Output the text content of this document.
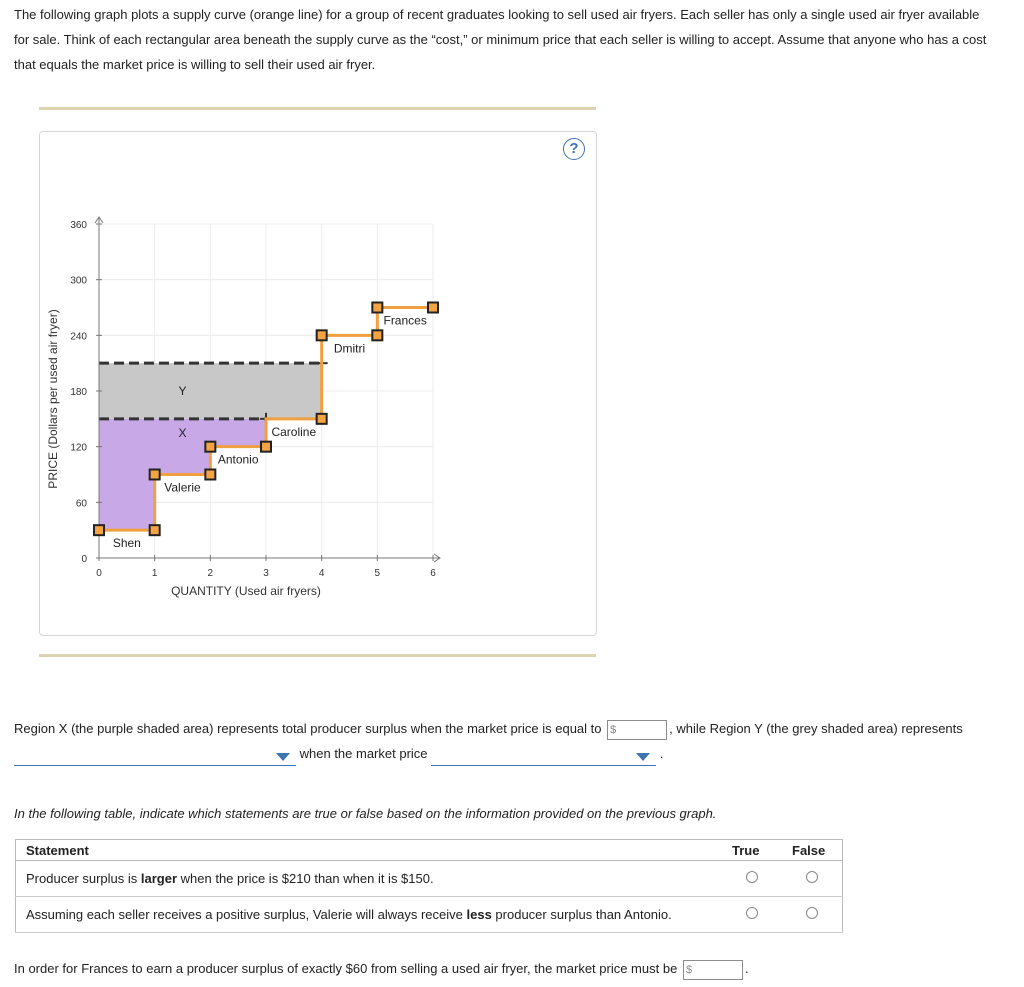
The following graph plots a supply curve (orange line) for a group of recent graduates looking to sell used air fryers. Each seller has only a single used air fryer available for sale. Think of each rectangular area beneath the supply curve as the “cost,” or minimum price that each seller is willing to accept. Assume that anyone who has a cost that equals the market price is willing to sell their used air fryer.
?
0	1	2	3	4	5	6
0
60
120
180
240
300
360
QUANTITY (Used air fryers)
PRICE (Dollars per used air fryer)	X
Y
Shen
Valerie
Antonio
Caroline
Dmitri
Frances
Region X (the purple shaded area) represents total producer surplus when the market price is equal to $	, while Region Y (the grey shaded area) represents
when the market price	.
In the following table, indicate which statements are true or false based on the information provided on the previous graph.
Statement	True	False
Producer surplus is larger when the price is $210 than when it is $150.		
Assuming each seller receives a positive surplus, Valerie will always receive less producer surplus than Antonio.		
In order for Frances to earn a producer surplus of exactly $60 from selling a used air fryer, the market price must be $	.
